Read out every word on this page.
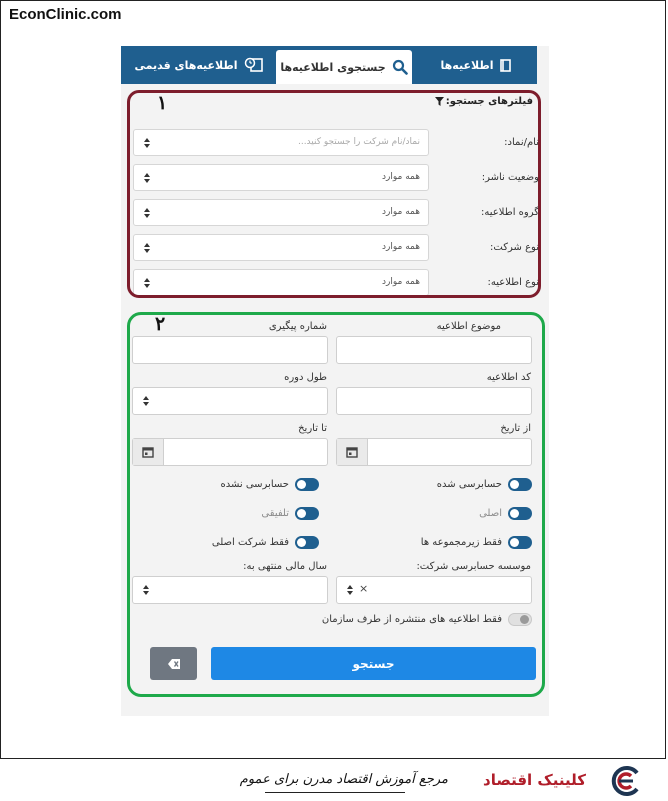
EconClinic.com
اطلاعیه‌ها
جستجوی اطلاعیه‌ها
اطلاعیه‌های قدیمی
فیلترهای جستجو:
نام/نماد:
نماد/نام شرکت را جستجو کنید...
وضعیت ناشر:
همه موارد
گروه اطلاعیه:
همه موارد
نوع شرکت:
همه موارد
نوع اطلاعیه:
همه موارد
موضوع اطلاعیه
شماره پیگیری
کد اطلاعیه
طول دوره
از تاریخ
تا تاریخ
حسابرسی شده
حسابرسی نشده
اصلی
تلفیقی
فقط زیرمجموعه ها
فقط شرکت اصلی
موسسه حسابرسی شرکت:
سال مالی منتهی به:
×
فقط اطلاعیه های منتشره از طرف سازمان
جستجو
۱
۲
کلینیک اقتصاد
مرجع آموزش اقتصاد مدرن برای عموم
